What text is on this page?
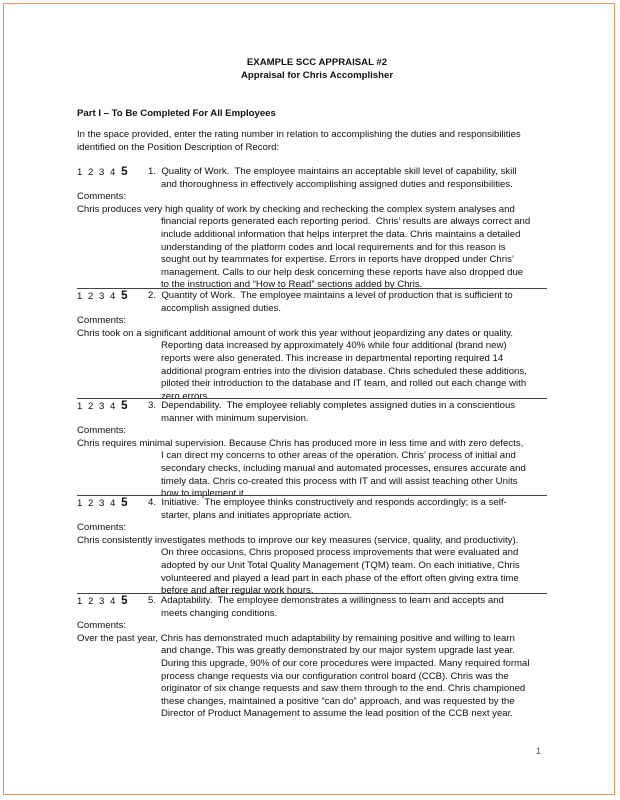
EXAMPLE SCC APPRAISAL #2
Appraisal for Chris Accomplisher
Part I – To Be Completed For All Employees
In the space provided, enter the rating number in relation to accomplishing the duties and responsibilities identified on the Position Description of Record:
1 2 3 4 5 1.  Quality of Work.  The employee maintains an acceptable skill level of capability, skill
and thoroughness in effectively accomplishing assigned duties and responsibilities.
Comments:
Chris produces very high quality of work by checking and rechecking the complex system analyses and
financial reports generated each reporting period.  Chris’ results are always correct and
include additional information that helps interpret the data. Chris maintains a detailed
understanding of the platform codes and local requirements and for this reason is
sought out by teammates for expertise. Errors in reports have dropped under Chris’
management. Calls to our help desk concerning these reports have also dropped due
to the instruction and “How to Read” sections added by Chris.
1 2 3 4 5 2.  Quantity of Work.  The employee maintains a level of production that is sufficient to
accomplish assigned duties.
Comments:
Chris took on a significant additional amount of work this year without jeopardizing any dates or quality.
Reporting data increased by approximately 40% while four additional (brand new)
reports were also generated. This increase in departmental reporting required 14
additional program entries into the division database. Chris scheduled these additions,
piloted their introduction to the database and IT team, and rolled out each change with
zero errors.
1 2 3 4 5 3.  Dependability.  The employee reliably completes assigned duties in a conscientious
manner with minimum supervision.
Comments:
Chris requires minimal supervision. Because Chris has produced more in less time and with zero defects,
I can direct my concerns to other areas of the operation. Chris’ process of initial and
secondary checks, including manual and automated processes, ensures accurate and
timely data. Chris co-created this process with IT and will assist teaching other Units
how to implement it.
1 2 3 4 5 4.  Initiative.  The employee thinks constructively and responds accordingly; is a self-
starter, plans and initiates appropriate action.
Comments:
Chris consistently investigates methods to improve our key measures (service, quality, and productivity).
On three occasions, Chris proposed process improvements that were evaluated and
adopted by our Unit Total Quality Management (TQM) team. On each initiative, Chris
volunteered and played a lead part in each phase of the effort often giving extra time
before and after regular work hours.
1 2 3 4 5 5.  Adaptability.  The employee demonstrates a willingness to learn and accepts and
meets changing conditions.
Comments:
Over the past year, Chris has demonstrated much adaptability by remaining positive and willing to learn
and change. This was greatly demonstrated by our major system upgrade last year.
During this upgrade, 90% of our core procedures were impacted. Many required formal
process change requests via our configuration control board (CCB). Chris was the
originator of six change requests and saw them through to the end. Chris championed
these changes, maintained a positive “can do” approach, and was requested by the
Director of Product Management to assume the lead position of the CCB next year.
1
